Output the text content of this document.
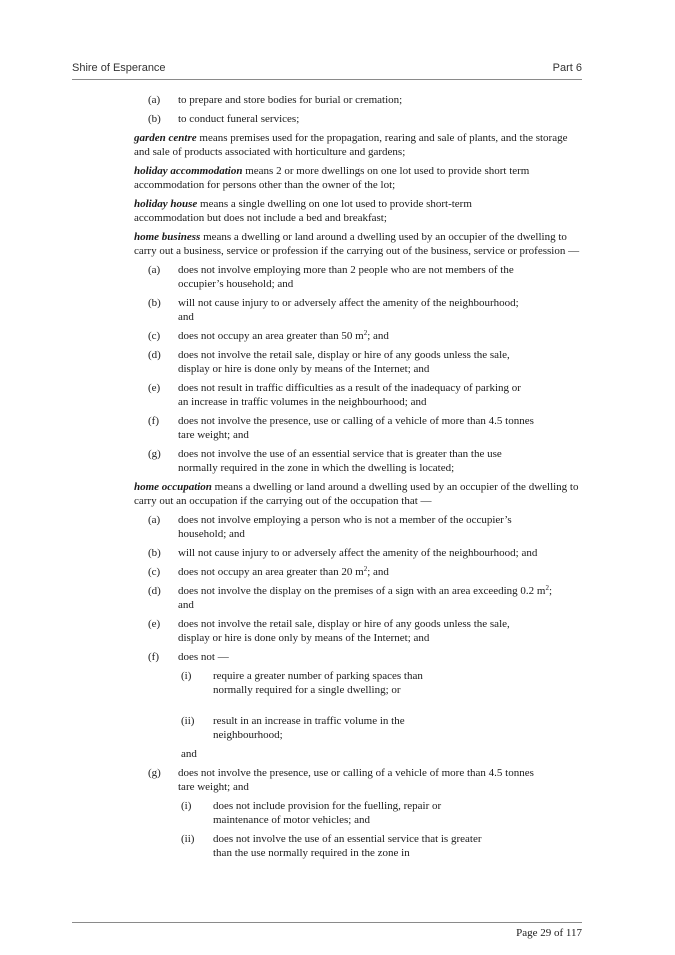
Shire of Esperance	Part 6
(a) to prepare and store bodies for burial or cremation;
(b) to conduct funeral services;
garden centre means premises used for the propagation, rearing and sale of plants, and the storage and sale of products associated with horticulture and gardens;
holiday accommodation means 2 or more dwellings on one lot used to provide short term accommodation for persons other than the owner of the lot;
holiday house means a single dwelling on one lot used to provide short-term accommodation but does not include a bed and breakfast;
home business means a dwelling or land around a dwelling used by an occupier of the dwelling to carry out a business, service or profession if the carrying out of the business, service or profession —
(a) does not involve employing more than 2 people who are not members of the occupier’s household; and
(b) will not cause injury to or adversely affect the amenity of the neighbourhood; and
(c) does not occupy an area greater than 50 $m^2$; and
(d) does not involve the retail sale, display or hire of any goods unless the sale, display or hire is done only by means of the Internet; and
(e) does not result in traffic difficulties as a result of the inadequacy of parking or an increase in traffic volumes in the neighbourhood; and
(f) does not involve the presence, use or calling of a vehicle of more than 4.5 tonnes tare weight; and
(g) does not involve the use of an essential service that is greater than the use normally required in the zone in which the dwelling is located;
home occupation means a dwelling or land around a dwelling used by an occupier of the dwelling to carry out an occupation if the carrying out of the occupation that —
(a) does not involve employing a person who is not a member of the occupier’s household; and
(b) will not cause injury to or adversely affect the amenity of the neighbourhood; and
(c) does not occupy an area greater than 20 $m^2$; and
(d) does not involve the display on the premises of a sign with an area exceeding 0.2 $m^2$; and
(e) does not involve the retail sale, display or hire of any goods unless the sale, display or hire is done only by means of the Internet; and
(f) does not —
(i) require a greater number of parking spaces than normally required for a single dwelling; or
(ii) result in an increase in traffic volume in the neighbourhood;
and
(g) does not involve the presence, use or calling of a vehicle of more than 4.5 tonnes tare weight; and
(i) does not include provision for the fuelling, repair or maintenance of motor vehicles; and
(ii) does not involve the use of an essential service that is greater than the use normally required in the zone in
Page 29 of 117
